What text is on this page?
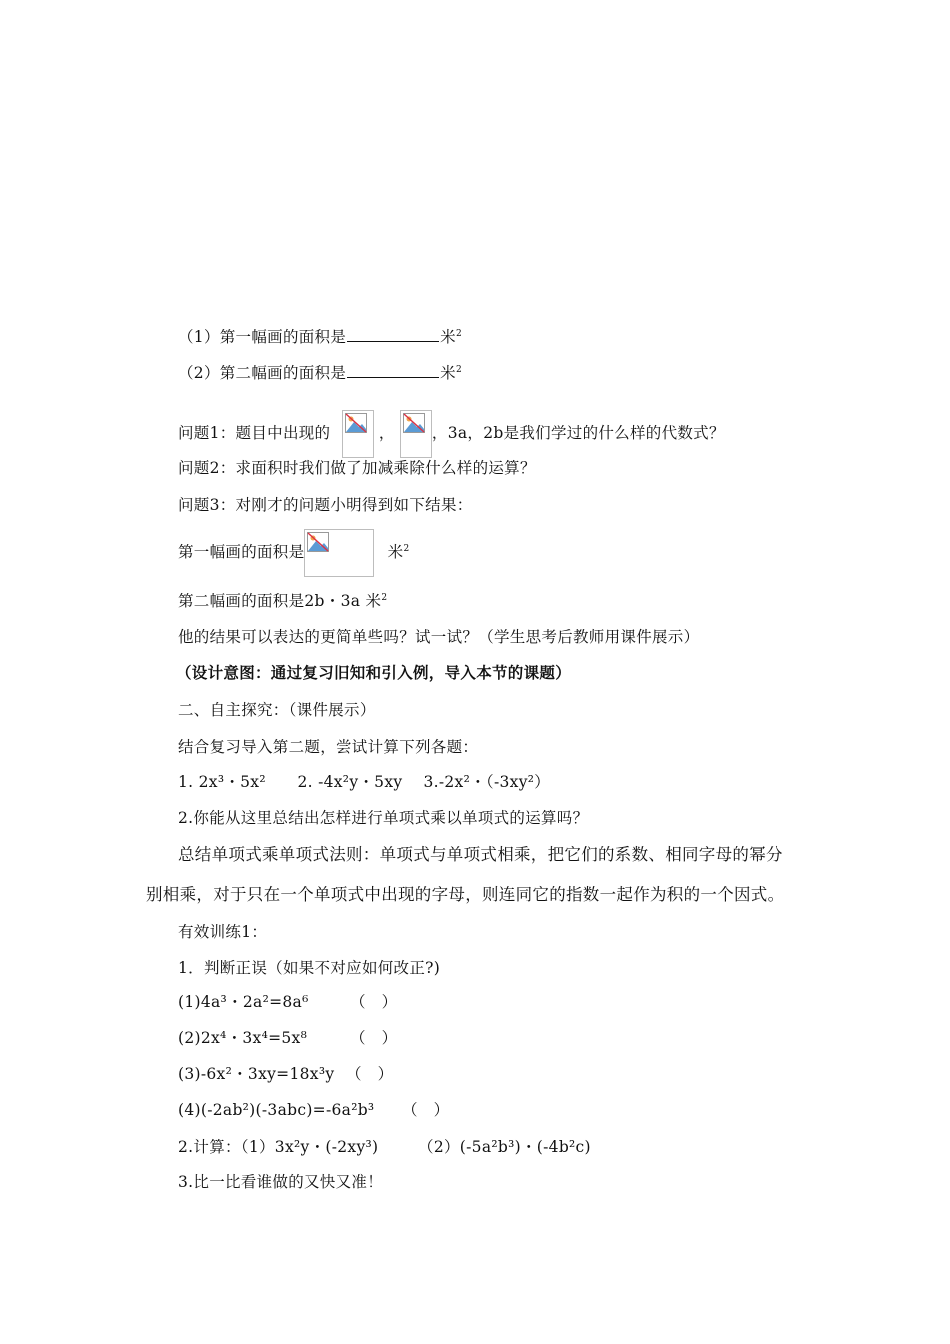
（1）第一幅画的面积是	米$^2$
（2）第二幅画的面积是	米$^2$
问题1：题目中出现的	， ，3a，2b是我们学过的什么样的代数式？
问题2：求面积时我们做了加减乘除什么样的运算？
问题3：对刚才的问题小明得到如下结果：
第一幅画的面积是	米$^2$
第二幅画的面积是2b・3a 米$^2$
他的结果可以表达的更简单些吗？试一试？（学生思考后教师用课件展示）
（设计意图：通过复习旧知和引入例，导入本节的课题）
二、自主探究：（课件展示）
结合复习导入第二题，尝试计算下列各题：
1. 2x³・5x²　　2. -4x²y・5xy　 3.-2x²・（-3xy²）
2.你能从这里总结出怎样进行单项式乘以单项式的运算吗？
总结单项式乘单项式法则：单项式与单项式相乘，把它们的系数、相同字母的幂分
别相乘，对于只在一个单项式中出现的字母，则连同它的指数一起作为积的一个因式。
有效训练1：
1．判断正误（如果不对应如何改正?)
(1)4a³・2a²=8a⁶	（　）
(2)2x⁴・3x⁴=5x⁸	（　）
(3)-6x²・3xy=18x³y （　）
(4)(-2ab²)(-3abc)=-6a²b³ （　）
2.计算：（1）3x²y・(-2xy³)　　　（2）(-5a²b³)・(-4b²c)
3.比一比看谁做的又快又准！
